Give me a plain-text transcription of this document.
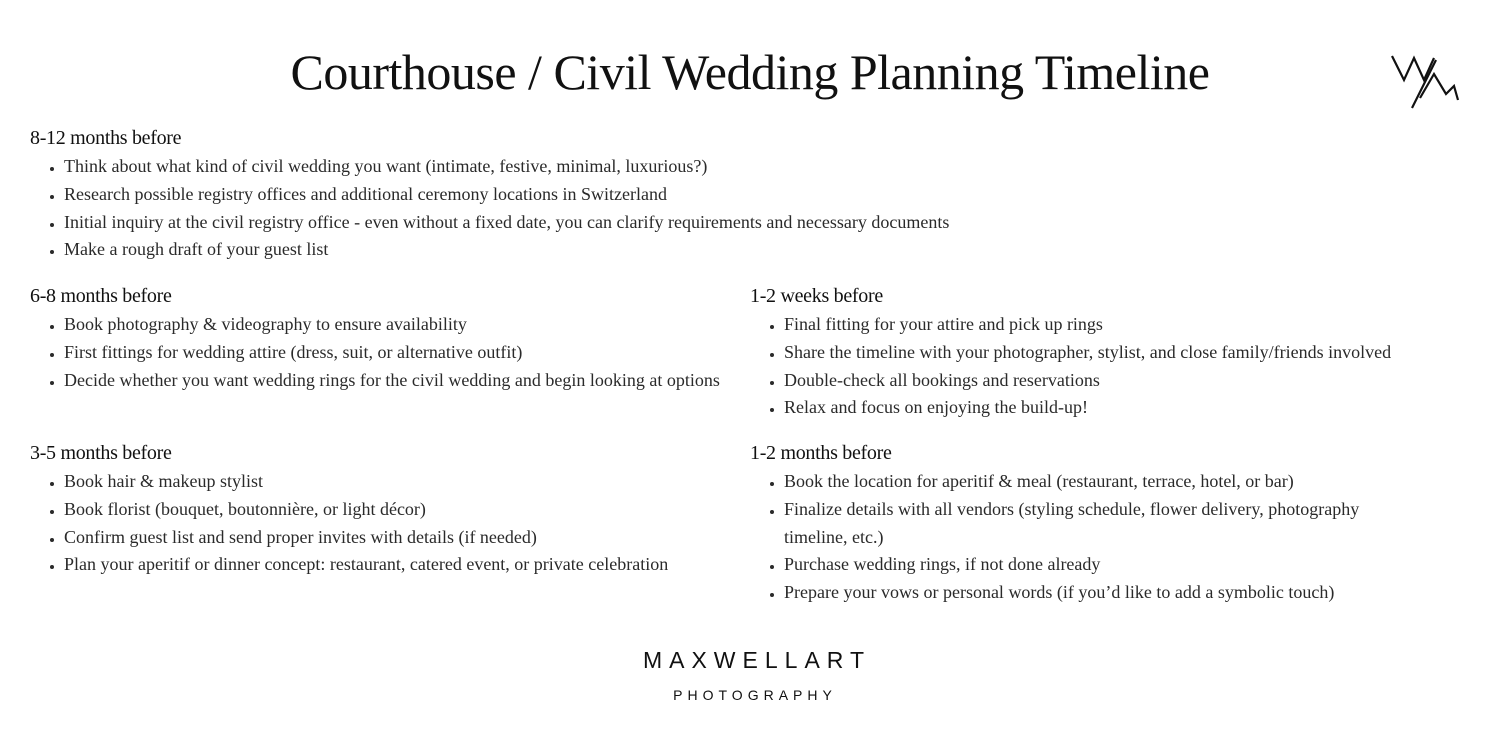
Courthouse / Civil Wedding Planning Timeline
8-12 months before
• Think about what kind of civil wedding you want (intimate, festive, minimal, luxurious?)
• Research possible registry offices and additional ceremony locations in Switzerland
• Initial inquiry at the civil registry office - even without a fixed date, you can clarify requirements and necessary documents
• Make a rough draft of your guest list
6-8 months before
• Book photography & videography to ensure availability
• First fittings for wedding attire (dress, suit, or alternative outfit)
• Decide whether you want wedding rings for the civil wedding and begin looking at options
3-5 months before
• Book hair & makeup stylist
• Book florist (bouquet, boutonnière, or light décor)
• Confirm guest list and send proper invites with details (if needed)
• Plan your aperitif or dinner concept: restaurant, catered event, or private celebration
1-2 weeks before
• Final fitting for your attire and pick up rings
• Share the timeline with your photographer, stylist, and close family/friends involved
• Double-check all bookings and reservations
• Relax and focus on enjoying the build-up!
1-2 months before
• Book the location for aperitif & meal (restaurant, terrace, hotel, or bar)
• Finalize details with all vendors (styling schedule, flower delivery, photography timeline, etc.)
• Purchase wedding rings, if not done already
• Prepare your vows or personal words (if you’d like to add a symbolic touch)
MAXWELLART
PHOTOGRAPHY
